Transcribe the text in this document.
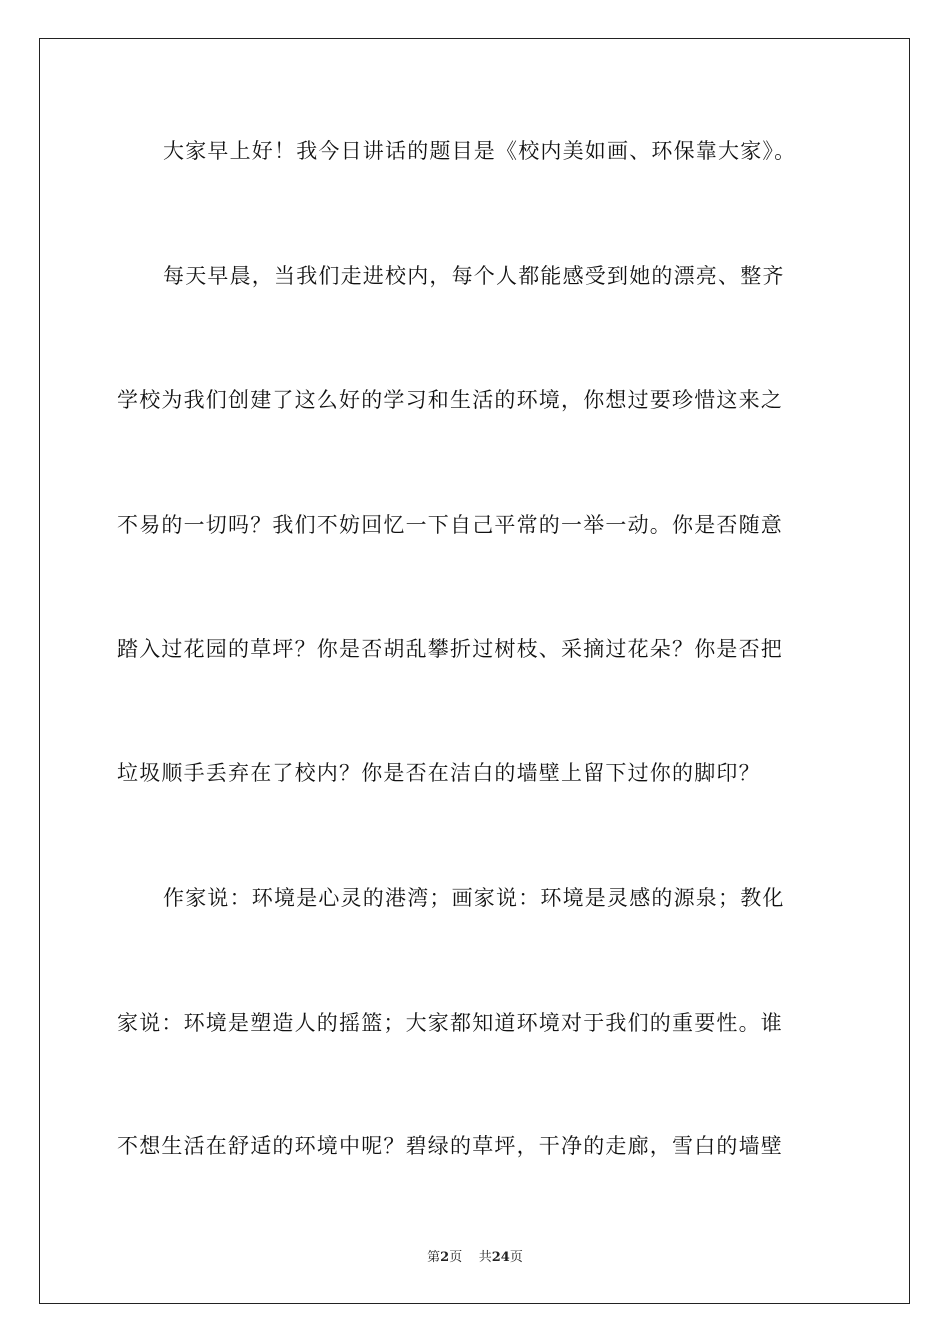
大家早上好！我今日讲话的题目是《校内美如画、环保靠大家》。
每天早晨，当我们走进校内，每个人都能感受到她的漂亮、整齐
学校为我们创建了这么好的学习和生活的环境，你想过要珍惜这来之
不易的一切吗？我们不妨回忆一下自己平常的一举一动。你是否随意
踏入过花园的草坪？你是否胡乱攀折过树枝、采摘过花朵？你是否把
垃圾顺手丢弃在了校内？你是否在洁白的墙壁上留下过你的脚印？
作家说：环境是心灵的港湾；画家说：环境是灵感的源泉；教化
家说：环境是塑造人的摇篮；大家都知道环境对于我们的重要性。谁
不想生活在舒适的环境中呢？碧绿的草坪，干净的走廊，雪白的墙壁
第2页 共24页
